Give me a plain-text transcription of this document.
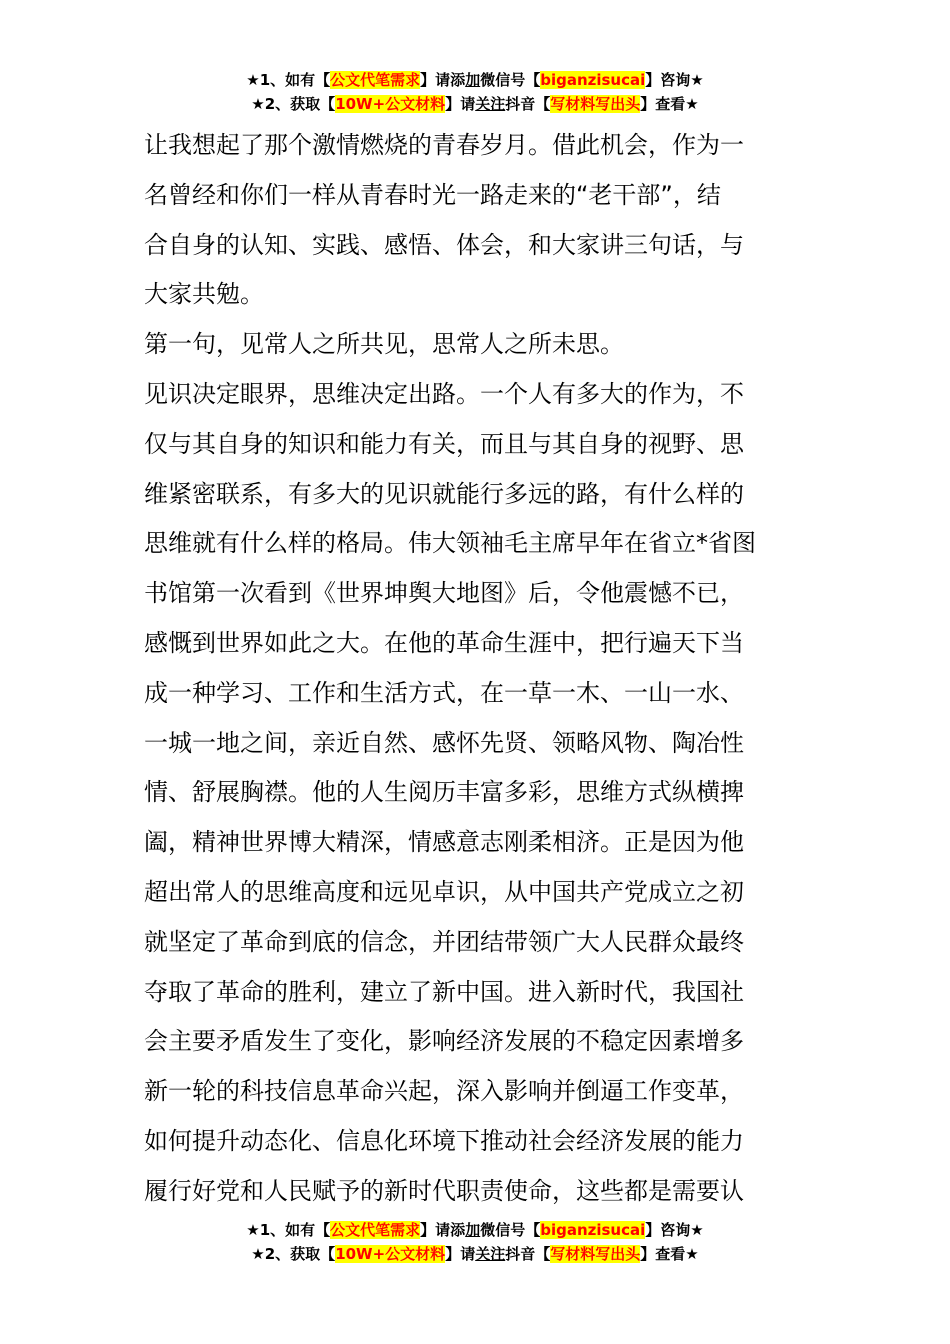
★1、如有【公文代笔需求】请添加微信号【biganzisucai】咨询★
★2、获取【10W+公文材料】请关注抖音【写材料写出头】查看★
让我想起了那个激情燃烧的青春岁月。借此机会，作为一
名曾经和你们一样从青春时光一路走来的“老干部”，结
合自身的认知、实践、感悟、体会，和大家讲三句话，与
大家共勉。
第一句，见常人之所共见，思常人之所未思。
见识决定眼界，思维决定出路。一个人有多大的作为，不
仅与其自身的知识和能力有关，而且与其自身的视野、思
维紧密联系，有多大的见识就能行多远的路，有什么样的
思维就有什么样的格局。伟大领袖毛主席早年在省立*省图
书馆第一次看到《世界坤舆大地图》后，令他震憾不已，
感慨到世界如此之大。在他的革命生涯中，把行遍天下当
成一种学习、工作和生活方式，在一草一木、一山一水、
一城一地之间，亲近自然、感怀先贤、领略风物、陶冶性
情、舒展胸襟。他的人生阅历丰富多彩，思维方式纵横捭
阖，精神世界博大精深，情感意志刚柔相济。正是因为他
超出常人的思维高度和远见卓识，从中国共产党成立之初
就坚定了革命到底的信念，并团结带领广大人民群众最终
夺取了革命的胜利，建立了新中国。进入新时代，我国社
会主要矛盾发生了变化，影响经济发展的不稳定因素增多
新一轮的科技信息革命兴起，深入影响并倒逼工作变革，
如何提升动态化、信息化环境下推动社会经济发展的能力
履行好党和人民赋予的新时代职责使命，这些都是需要认
★1、如有【公文代笔需求】请添加微信号【biganzisucai】咨询★
★2、获取【10W+公文材料】请关注抖音【写材料写出头】查看★
